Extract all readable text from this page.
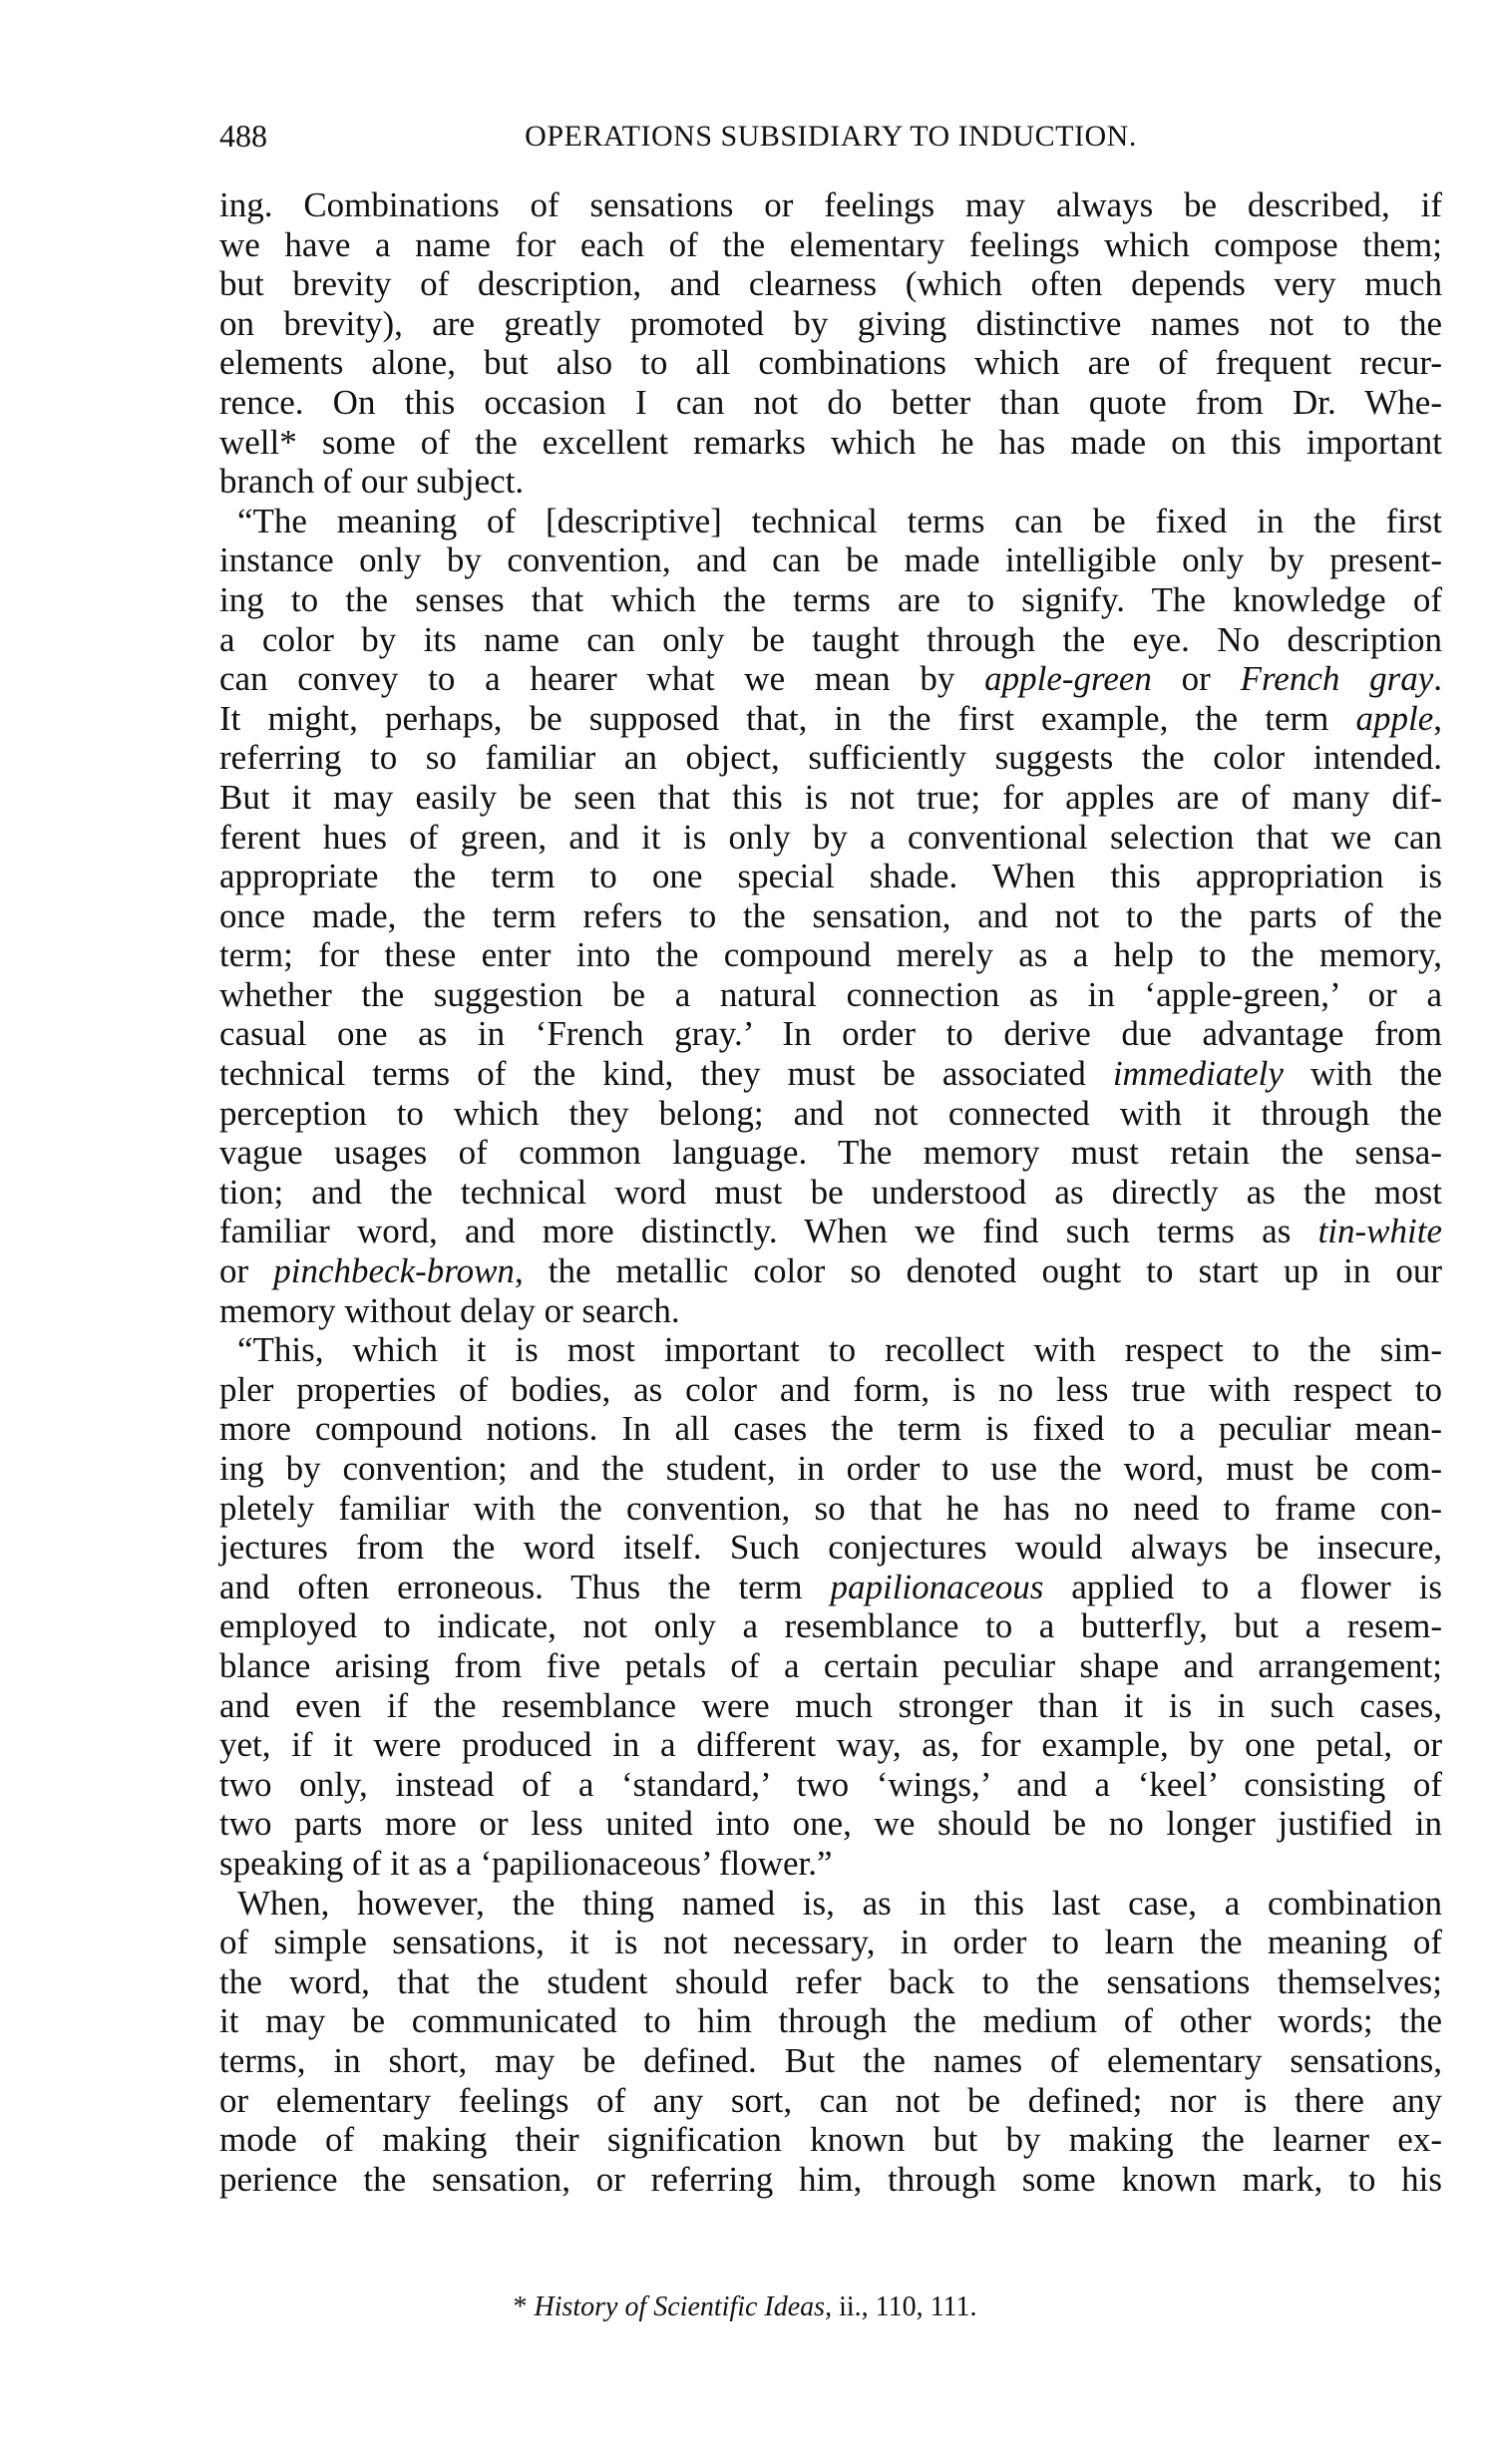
488	OPERATIONS SUBSIDIARY TO INDUCTION.
ing. Combinations of sensations or feelings may always be described, if
we have a name for each of the elementary feelings which compose them;
but brevity of description, and clearness (which often depends very much
on brevity), are greatly promoted by giving distinctive names not to the
elements alone, but also to all combinations which are of frequent recur-
rence. On this occasion I can not do better than quote from Dr. Whe-
well* some of the excellent remarks which he has made on this important
branch of our subject.
“The meaning of [descriptive] technical terms can be fixed in the first
instance only by convention, and can be made intelligible only by present-
ing to the senses that which the terms are to signify. The knowledge of
a color by its name can only be taught through the eye. No description
can convey to a hearer what we mean by apple-green or French gray.
It might, perhaps, be supposed that, in the first example, the term apple,
referring to so familiar an object, sufficiently suggests the color intended.
But it may easily be seen that this is not true; for apples are of many dif-
ferent hues of green, and it is only by a conventional selection that we can
appropriate the term to one special shade. When this appropriation is
once made, the term refers to the sensation, and not to the parts of the
term; for these enter into the compound merely as a help to the memory,
whether the suggestion be a natural connection as in ‘apple-green,’ or a
casual one as in ‘French gray.’ In order to derive due advantage from
technical terms of the kind, they must be associated immediately with the
perception to which they belong; and not connected with it through the
vague usages of common language. The memory must retain the sensa-
tion; and the technical word must be understood as directly as the most
familiar word, and more distinctly. When we find such terms as tin-white
or pinchbeck-brown, the metallic color so denoted ought to start up in our
memory without delay or search.
“This, which it is most important to recollect with respect to the sim-
pler properties of bodies, as color and form, is no less true with respect to
more compound notions. In all cases the term is fixed to a peculiar mean-
ing by convention; and the student, in order to use the word, must be com-
pletely familiar with the convention, so that he has no need to frame con-
jectures from the word itself. Such conjectures would always be insecure,
and often erroneous. Thus the term papilionaceous applied to a flower is
employed to indicate, not only a resemblance to a butterfly, but a resem-
blance arising from five petals of a certain peculiar shape and arrangement;
and even if the resemblance were much stronger than it is in such cases,
yet, if it were produced in a different way, as, for example, by one petal, or
two only, instead of a ‘standard,’ two ‘wings,’ and a ‘keel’ consisting of
two parts more or less united into one, we should be no longer justified in
speaking of it as a ‘papilionaceous’ flower.”
When, however, the thing named is, as in this last case, a combination
of simple sensations, it is not necessary, in order to learn the meaning of
the word, that the student should refer back to the sensations themselves;
it may be communicated to him through the medium of other words; the
terms, in short, may be defined. But the names of elementary sensations,
or elementary feelings of any sort, can not be defined; nor is there any
mode of making their signification known but by making the learner ex-
perience the sensation, or referring him, through some known mark, to his
* History of Scientific Ideas, ii., 110, 111.
